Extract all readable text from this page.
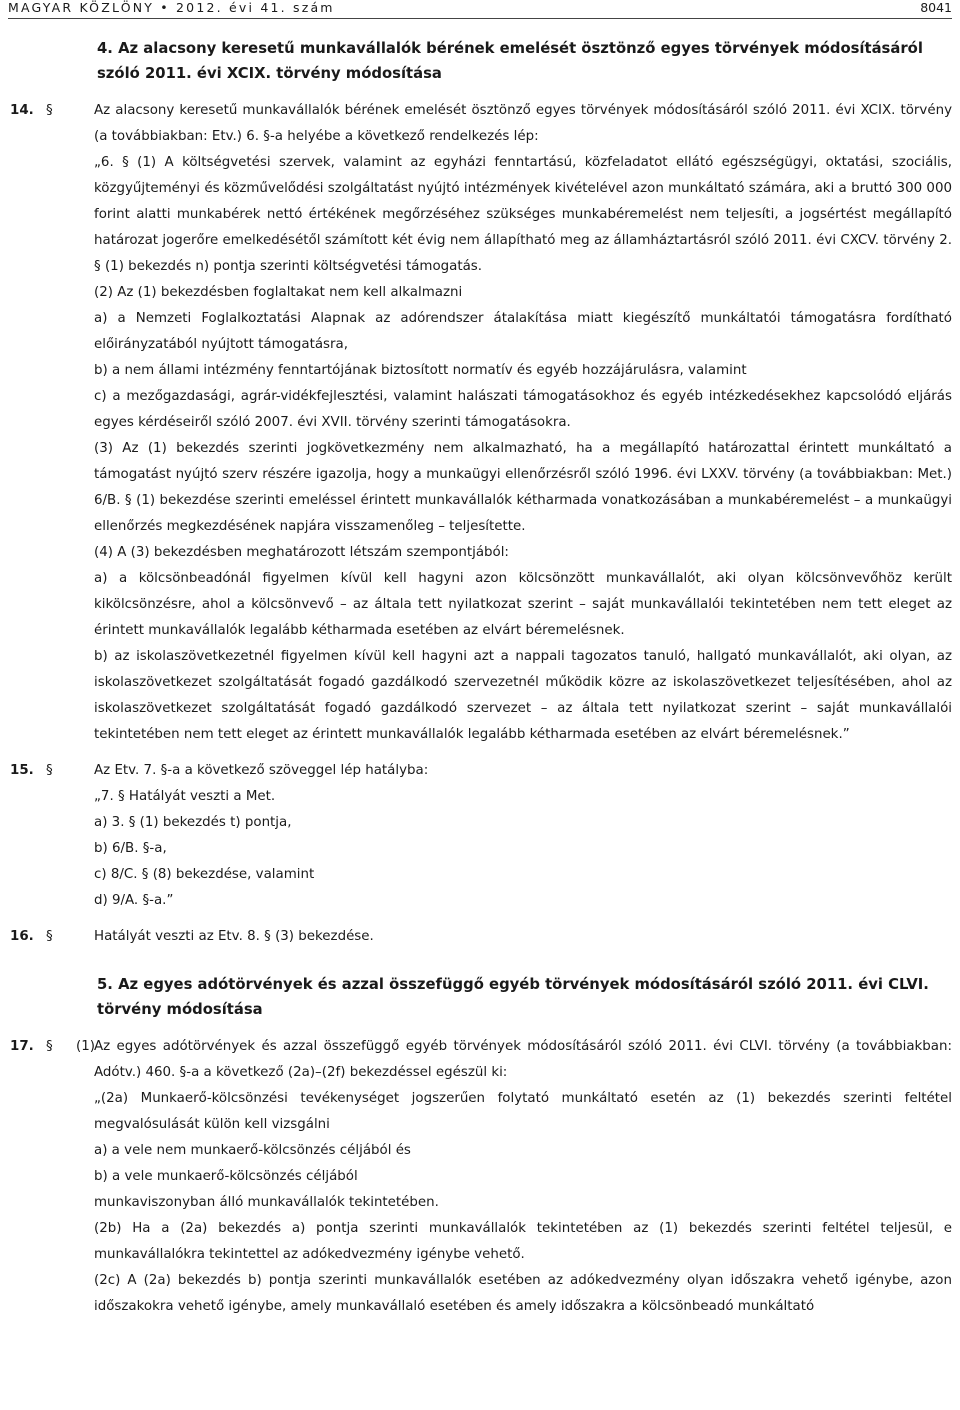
MAGYAR KÖZLÖNY • 2012. évi 41. szám	8041
4. Az alacsony keresetű munkavállalók bérének emelését ösztönző egyes törvények módosításáról szóló 2011. évi XCIX. törvény módosítása
14. §	Az alacsony keresetű munkavállalók bérének emelését ösztönző egyes törvények módosításáról szóló 2011. évi XCIX. törvény (a továbbiakban: Etv.) 6. §-a helyébe a következő rendelkezés lép:

„6. § (1) A költségvetési szervek, valamint az egyházi fenntartású, közfeladatot ellátó egészségügyi, oktatási, szociális, közgyűjteményi és közművelődési szolgáltatást nyújtó intézmények kivételével azon munkáltató számára, aki a bruttó 300 000 forint alatti munkabérek nettó értékének megőrzéséhez szükséges munkabéremelést nem teljesíti, a jogsértést megállapító határozat jogerőre emelkedésétől számított két évig nem állapítható meg az államháztartásról szóló 2011. évi CXCV. törvény 2. § (1) bekezdés n) pontja szerinti költségvetési támogatás.

(2) Az (1) bekezdésben foglaltakat nem kell alkalmazni

a) a Nemzeti Foglalkoztatási Alapnak az adórendszer átalakítása miatt kiegészítő munkáltatói támogatásra fordítható előirányzatából nyújtott támogatásra,

b) a nem állami intézmény fenntartójának biztosított normatív és egyéb hozzájárulásra, valamint

c) a mezőgazdasági, agrár-vidékfejlesztési, valamint halászati támogatásokhoz és egyéb intézkedésekhez kapcsolódó eljárás egyes kérdéseiről szóló 2007. évi XVII. törvény szerinti támogatásokra.

(3) Az (1) bekezdés szerinti jogkövetkezmény nem alkalmazható, ha a megállapító határozattal érintett munkáltató a támogatást nyújtó szerv részére igazolja, hogy a munkaügyi ellenőrzésről szóló 1996. évi LXXV. törvény (a továbbiakban: Met.) 6/B. § (1) bekezdése szerinti emeléssel érintett munkavállalók kétharmada vonatkozásában a munkabéremelést – a munkaügyi ellenőrzés megkezdésének napjára visszamenőleg – teljesítette.

(4) A (3) bekezdésben meghatározott létszám szempontjából:

a) a kölcsönbeadónál figyelmen kívül kell hagyni azon kölcsönzött munkavállalót, aki olyan kölcsönvevőhöz került kikölcsönzésre, ahol a kölcsönvevő – az általa tett nyilatkozat szerint – saját munkavállalói tekintetében nem tett eleget az érintett munkavállalók legalább kétharmada esetében az elvárt béremelésnek.

b) az iskolaszövetkezetnél figyelmen kívül kell hagyni azt a nappali tagozatos tanuló, hallgató munkavállalót, aki olyan, az iskolaszövetkezet szolgáltatását fogadó gazdálkodó szervezetnél működik közre az iskolaszövetkezet teljesítésében, ahol az iskolaszövetkezet szolgáltatását fogadó gazdálkodó szervezet – az általa tett nyilatkozat szerint – saját munkavállalói tekintetében nem tett eleget az érintett munkavállalók legalább kétharmada esetében az elvárt béremelésnek.”

15. §	Az Etv. 7. §-a a következő szöveggel lép hatályba:

„7. § Hatályát veszti a Met.

a) 3. § (1) bekezdés t) pontja,

b) 6/B. §-a,

c) 8/C. § (8) bekezdése, valamint

d) 9/A. §-a.”

16. §	Hatályát veszti az Etv. 8. § (3) bekezdése.

5. Az egyes adótörvények és azzal összefüggő egyéb törvények módosításáról szóló 2011. évi CLVI. törvény módosítása
17. §	(1) Az egyes adótörvények és azzal összefüggő egyéb törvények módosításáról szóló 2011. évi CLVI. törvény (a továbbiakban: Adótv.) 460. §-a a következő (2a)–(2f) bekezdéssel egészül ki:

„(2a) Munkaerő-kölcsönzési tevékenységet jogszerűen folytató munkáltató esetén az (1) bekezdés szerinti feltétel megvalósulását külön kell vizsgálni

a) a vele nem munkaerő-kölcsönzés céljából és

b) a vele munkaerő-kölcsönzés céljából

munkaviszonyban álló munkavállalók tekintetében.

(2b) Ha a (2a) bekezdés a) pontja szerinti munkavállalók tekintetében az (1) bekezdés szerinti feltétel teljesül, e munkavállalókra tekintettel az adókedvezmény igénybe vehető.

(2c) A (2a) bekezdés b) pontja szerinti munkavállalók esetében az adókedvezmény olyan időszakra vehető igénybe, azon időszakokra vehető igénybe, amely munkavállaló esetében és amely időszakra a kölcsönbeadó munkáltató
